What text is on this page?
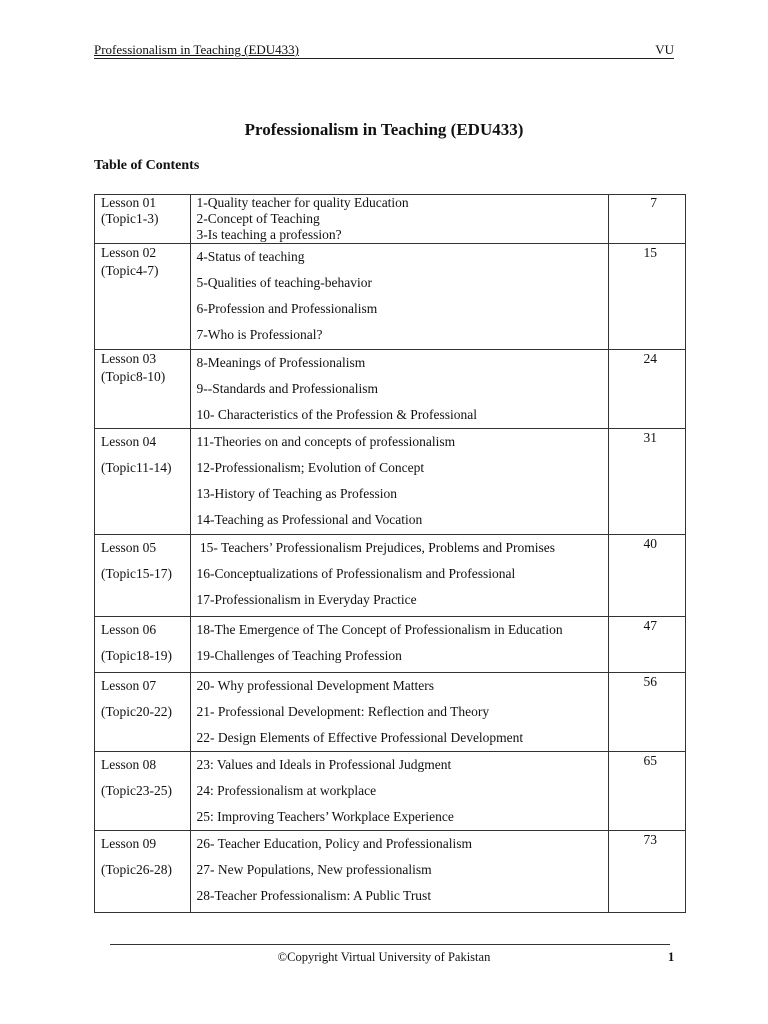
Professionalism in Teaching (EDU433)	VU
Professionalism in Teaching (EDU433)
Table of Contents
Lesson 01
(Topic1-3)	1-Quality teacher for quality Education
2-Concept of Teaching
3-Is teaching a profession?	7

Lesson 02
(Topic4-7)	4-Status of teaching
5-Qualities of teaching-behavior
6-Profession and Professionalism
7-Who is Professional?	15

Lesson 03
(Topic8-10)	8-Meanings of Professionalism
9--Standards and Professionalism
10- Characteristics of the Profession & Professional	24

Lesson 04
(Topic11-14)	11-Theories on and concepts of professionalism
12-Professionalism; Evolution of Concept
13-History of Teaching as Profession
14-Teaching as Professional and Vocation	31

Lesson 05
(Topic15-17)	15- Teachers’ Professionalism Prejudices, Problems and Promises
16-Conceptualizations of Professionalism and Professional
17-Professionalism in Everyday Practice	40

Lesson 06
(Topic18-19)	18-The Emergence of The Concept of Professionalism in Education
19-Challenges of Teaching Profession	47

Lesson 07
(Topic20-22)	20- Why professional Development Matters
21- Professional Development: Reflection and Theory
22- Design Elements of Effective Professional Development	56

Lesson 08
(Topic23-25)	23: Values and Ideals in Professional Judgment
24: Professionalism at workplace
25: Improving Teachers’ Workplace Experience	65

Lesson 09
(Topic26-28)	26- Teacher Education, Policy and Professionalism
27- New Populations, New professionalism
28-Teacher Professionalism: A Public Trust	73
©Copyright Virtual University of Pakistan	1
